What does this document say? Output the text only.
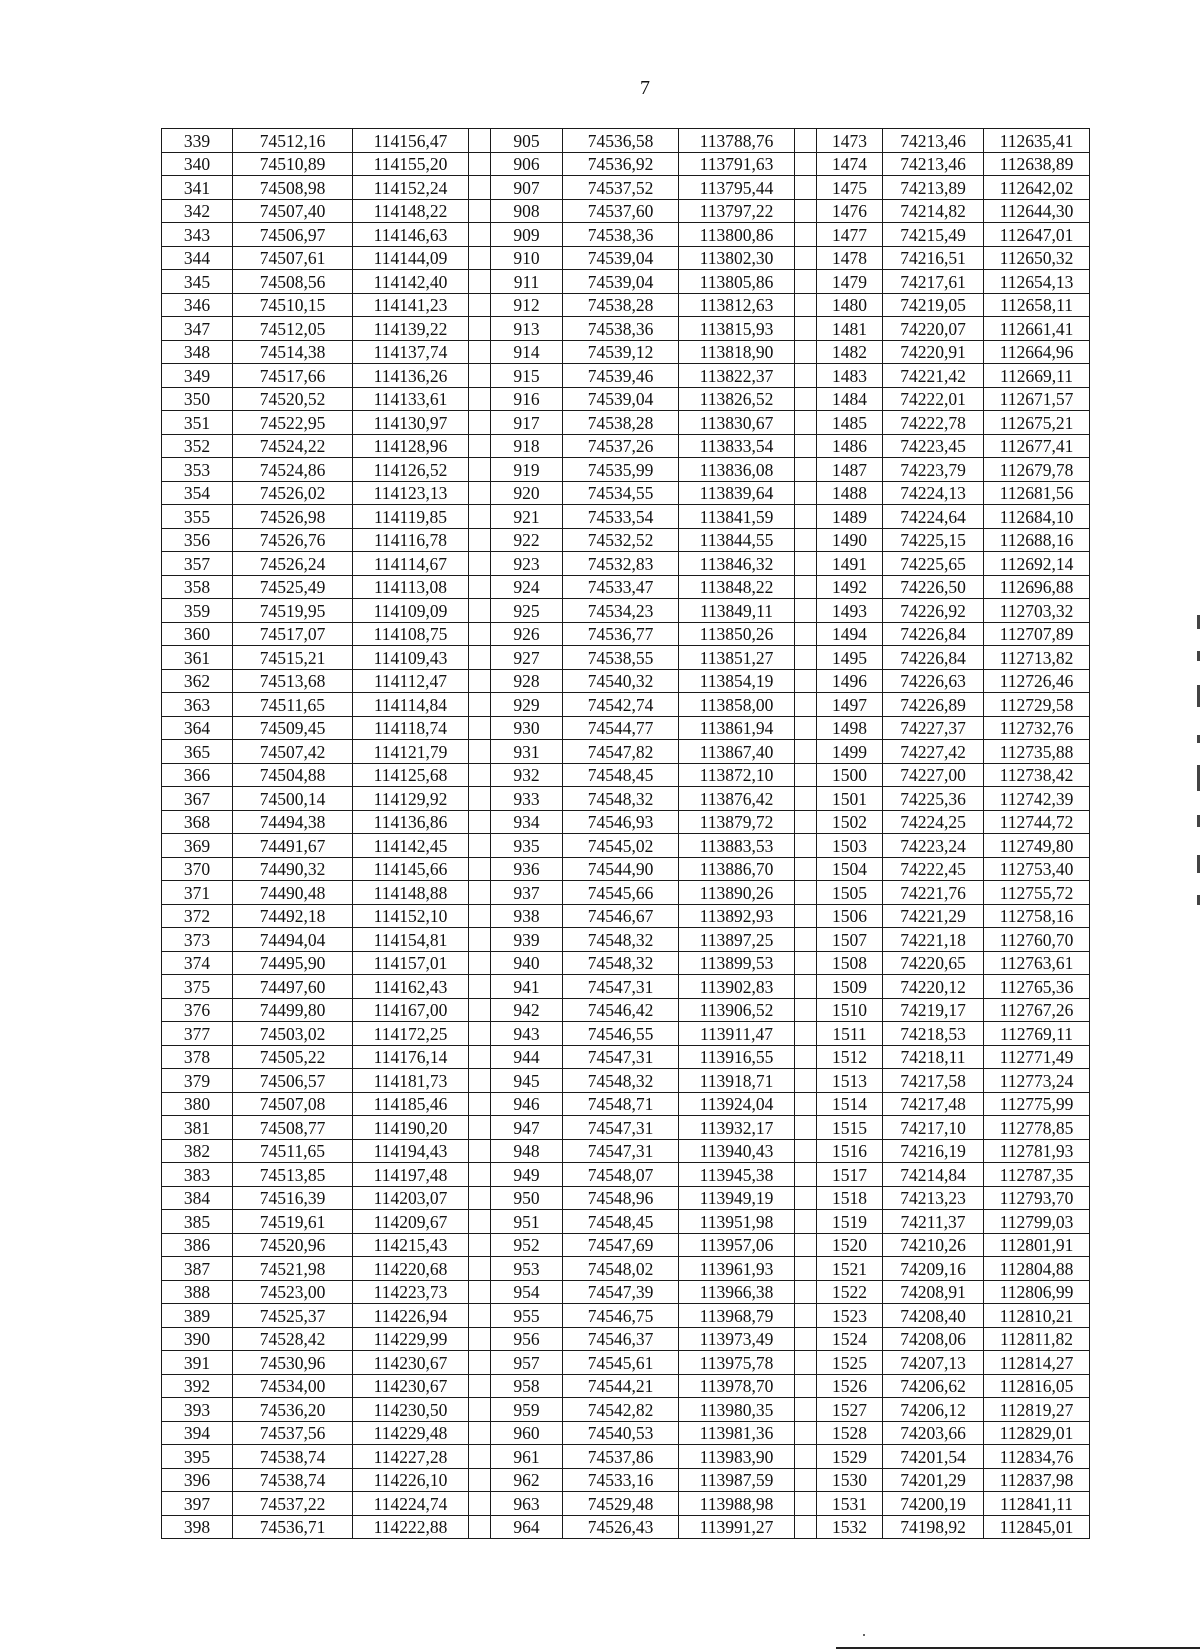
7
339	74512,16	114156,47		905	74536,58	113788,76		1473	74213,46	112635,41
340	74510,89	114155,20		906	74536,92	113791,63		1474	74213,46	112638,89
341	74508,98	114152,24		907	74537,52	113795,44		1475	74213,89	112642,02
342	74507,40	114148,22		908	74537,60	113797,22		1476	74214,82	112644,30
343	74506,97	114146,63		909	74538,36	113800,86		1477	74215,49	112647,01
344	74507,61	114144,09		910	74539,04	113802,30		1478	74216,51	112650,32
345	74508,56	114142,40		911	74539,04	113805,86		1479	74217,61	112654,13
346	74510,15	114141,23		912	74538,28	113812,63		1480	74219,05	112658,11
347	74512,05	114139,22		913	74538,36	113815,93		1481	74220,07	112661,41
348	74514,38	114137,74		914	74539,12	113818,90		1482	74220,91	112664,96
349	74517,66	114136,26		915	74539,46	113822,37		1483	74221,42	112669,11
350	74520,52	114133,61		916	74539,04	113826,52		1484	74222,01	112671,57
351	74522,95	114130,97		917	74538,28	113830,67		1485	74222,78	112675,21
352	74524,22	114128,96		918	74537,26	113833,54		1486	74223,45	112677,41
353	74524,86	114126,52		919	74535,99	113836,08		1487	74223,79	112679,78
354	74526,02	114123,13		920	74534,55	113839,64		1488	74224,13	112681,56
355	74526,98	114119,85		921	74533,54	113841,59		1489	74224,64	112684,10
356	74526,76	114116,78		922	74532,52	113844,55		1490	74225,15	112688,16
357	74526,24	114114,67		923	74532,83	113846,32		1491	74225,65	112692,14
358	74525,49	114113,08		924	74533,47	113848,22		1492	74226,50	112696,88
359	74519,95	114109,09		925	74534,23	113849,11		1493	74226,92	112703,32
360	74517,07	114108,75		926	74536,77	113850,26		1494	74226,84	112707,89
361	74515,21	114109,43		927	74538,55	113851,27		1495	74226,84	112713,82
362	74513,68	114112,47		928	74540,32	113854,19		1496	74226,63	112726,46
363	74511,65	114114,84		929	74542,74	113858,00		1497	74226,89	112729,58
364	74509,45	114118,74		930	74544,77	113861,94		1498	74227,37	112732,76
365	74507,42	114121,79		931	74547,82	113867,40		1499	74227,42	112735,88
366	74504,88	114125,68		932	74548,45	113872,10		1500	74227,00	112738,42
367	74500,14	114129,92		933	74548,32	113876,42		1501	74225,36	112742,39
368	74494,38	114136,86		934	74546,93	113879,72		1502	74224,25	112744,72
369	74491,67	114142,45		935	74545,02	113883,53		1503	74223,24	112749,80
370	74490,32	114145,66		936	74544,90	113886,70		1504	74222,45	112753,40
371	74490,48	114148,88		937	74545,66	113890,26		1505	74221,76	112755,72
372	74492,18	114152,10		938	74546,67	113892,93		1506	74221,29	112758,16
373	74494,04	114154,81		939	74548,32	113897,25		1507	74221,18	112760,70
374	74495,90	114157,01		940	74548,32	113899,53		1508	74220,65	112763,61
375	74497,60	114162,43		941	74547,31	113902,83		1509	74220,12	112765,36
376	74499,80	114167,00		942	74546,42	113906,52		1510	74219,17	112767,26
377	74503,02	114172,25		943	74546,55	113911,47		1511	74218,53	112769,11
378	74505,22	114176,14		944	74547,31	113916,55		1512	74218,11	112771,49
379	74506,57	114181,73		945	74548,32	113918,71		1513	74217,58	112773,24
380	74507,08	114185,46		946	74548,71	113924,04		1514	74217,48	112775,99
381	74508,77	114190,20		947	74547,31	113932,17		1515	74217,10	112778,85
382	74511,65	114194,43		948	74547,31	113940,43		1516	74216,19	112781,93
383	74513,85	114197,48		949	74548,07	113945,38		1517	74214,84	112787,35
384	74516,39	114203,07		950	74548,96	113949,19		1518	74213,23	112793,70
385	74519,61	114209,67		951	74548,45	113951,98		1519	74211,37	112799,03
386	74520,96	114215,43		952	74547,69	113957,06		1520	74210,26	112801,91
387	74521,98	114220,68		953	74548,02	113961,93		1521	74209,16	112804,88
388	74523,00	114223,73		954	74547,39	113966,38		1522	74208,91	112806,99
389	74525,37	114226,94		955	74546,75	113968,79		1523	74208,40	112810,21
390	74528,42	114229,99		956	74546,37	113973,49		1524	74208,06	112811,82
391	74530,96	114230,67		957	74545,61	113975,78		1525	74207,13	112814,27
392	74534,00	114230,67		958	74544,21	113978,70		1526	74206,62	112816,05
393	74536,20	114230,50		959	74542,82	113980,35		1527	74206,12	112819,27
394	74537,56	114229,48		960	74540,53	113981,36		1528	74203,66	112829,01
395	74538,74	114227,28		961	74537,86	113983,90		1529	74201,54	112834,76
396	74538,74	114226,10		962	74533,16	113987,59		1530	74201,29	112837,98
397	74537,22	114224,74		963	74529,48	113988,98		1531	74200,19	112841,11
398	74536,71	114222,88		964	74526,43	113991,27		1532	74198,92	112845,01
